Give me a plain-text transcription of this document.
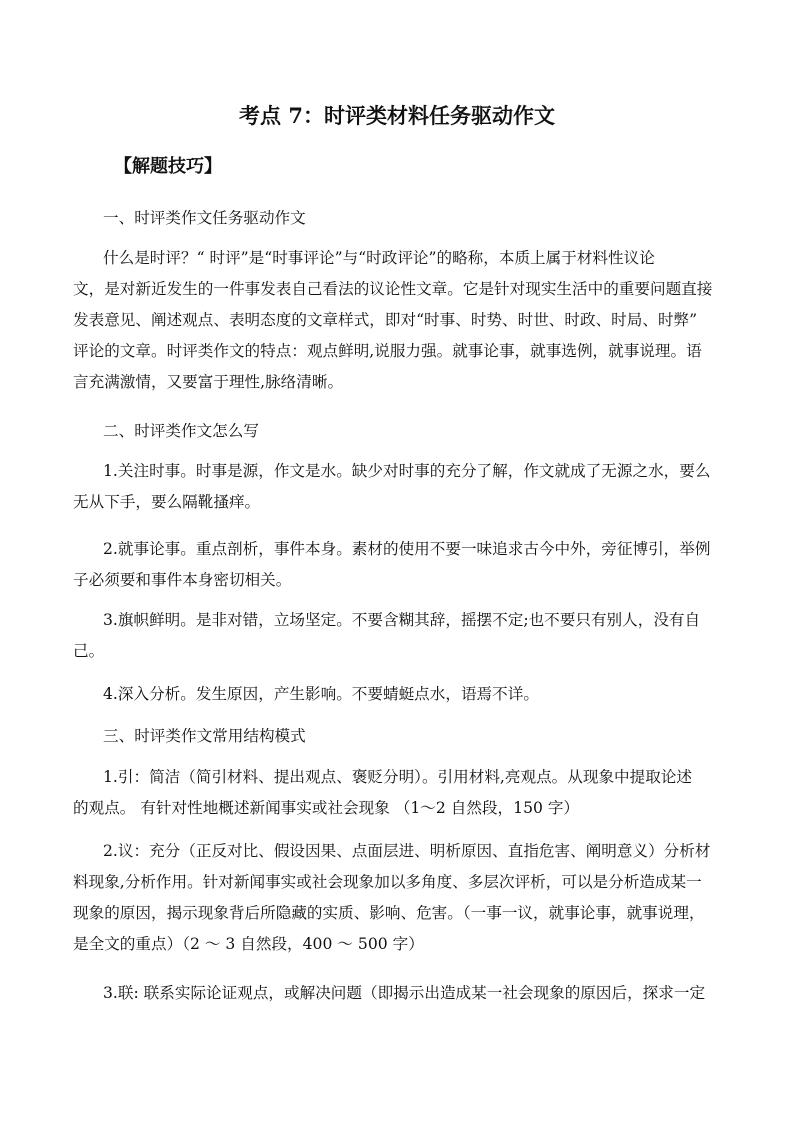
考点 7：时评类材料任务驱动作文
【解题技巧】
一、时评类作文任务驱动作文
什么是时评？“ 时评”是“时事评论”与“时政评论”的略称，本质上属于材料性议论
文，是对新近发生的一件事发表自己看法的议论性文章。它是针对现实生活中的重要问题直接
发表意见、阐述观点、表明态度的文章样式，即对“时事、时势、时世、时政、时局、时弊”
评论的文章。时评类作文的特点：观点鲜明,说服力强。就事论事，就事选例，就事说理。语
言充满激情，又要富于理性,脉络清晰。
二、时评类作文怎么写
1.关注时事。时事是源，作文是水。缺少对时事的充分了解，作文就成了无源之水，要么
无从下手，要么隔靴搔痒。
2.就事论事。重点剖析，事件本身。素材的使用不要一味追求古今中外，旁征博引，举例
子必须要和事件本身密切相关。
3.旗帜鲜明。是非对错，立场坚定。不要含糊其辞，摇摆不定;也不要只有别人，没有自
己。
4.深入分析。发生原因，产生影响。不要蜻蜓点水，语焉不详。
三、时评类作文常用结构模式
1.引：简洁（简引材料、提出观点、褒贬分明）。引用材料,亮观点。从现象中提取论述
的观点。 有针对性地概述新闻事实或社会现象 （1～2 自然段，150 字）
2.议：充分（正反对比、假设因果、点面层进、明析原因、直指危害、阐明意义）分析材
料现象,分析作用。针对新闻事实或社会现象加以多角度、多层次评析，可以是分析造成某一
现象的原因，揭示现象背后所隐藏的实质、影响、危害。（一事一议，就事论事，就事说理，
是全文的重点）（2 ～ 3 自然段，400 ～ 500 字）
3.联: 联系实际论证观点，或解决问题（即揭示出造成某一社会现象的原因后，探求一定
